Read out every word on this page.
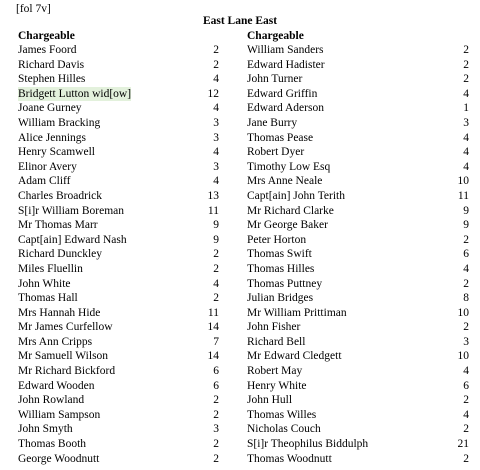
[fol 7v]
East Lane East
Chargeable	Chargeable
James Foord	2
Richard Davis	2
Stephen Hilles	4
Bridgett Lutton wid[ow]	12
Joane Gurney	4
William Bracking	3
Alice Jennings	3
Henry Scamwell	4
Elinor Avery	3
Adam Cliff	4
Charles Broadrick	13
S[i]r William Boreman	11
Mr Thomas Marr	9
Capt[ain] Edward Nash	9
Richard Dunckley	2
Miles Fluellin	2
John White	4
Thomas Hall	2
Mrs Hannah Hide	11
Mr James Curfellow	14
Mrs Ann Cripps	7
Mr Samuell Wilson	14
Mr Richard Bickford	6
Edward Wooden	6
John Rowland	2
William Sampson	2
John Smyth	3
Thomas Booth	2
George Woodnutt	2
William Sanders	2
Edward Hadister	2
John Turner	2
Edward Griffin	4
Edward Aderson	1
Jane Burry	3
Thomas Pease	4
Robert Dyer	4
Timothy Low Esq	4
Mrs Anne Neale	10
Capt[ain] John Terith	11
Mr Richard Clarke	9
Mr George Baker	9
Peter Horton	2
Thomas Swift	6
Thomas Hilles	4
Thomas Puttney	2
Julian Bridges	8
Mr William Prittiman	10
John Fisher	2
Richard Bell	3
Mr Edward Cledgett	10
Robert May	4
Henry White	6
John Hull	2
Thomas Willes	4
Nicholas Couch	2
S[i]r Theophilus Biddulph	21
Thomas Woodnutt	2
